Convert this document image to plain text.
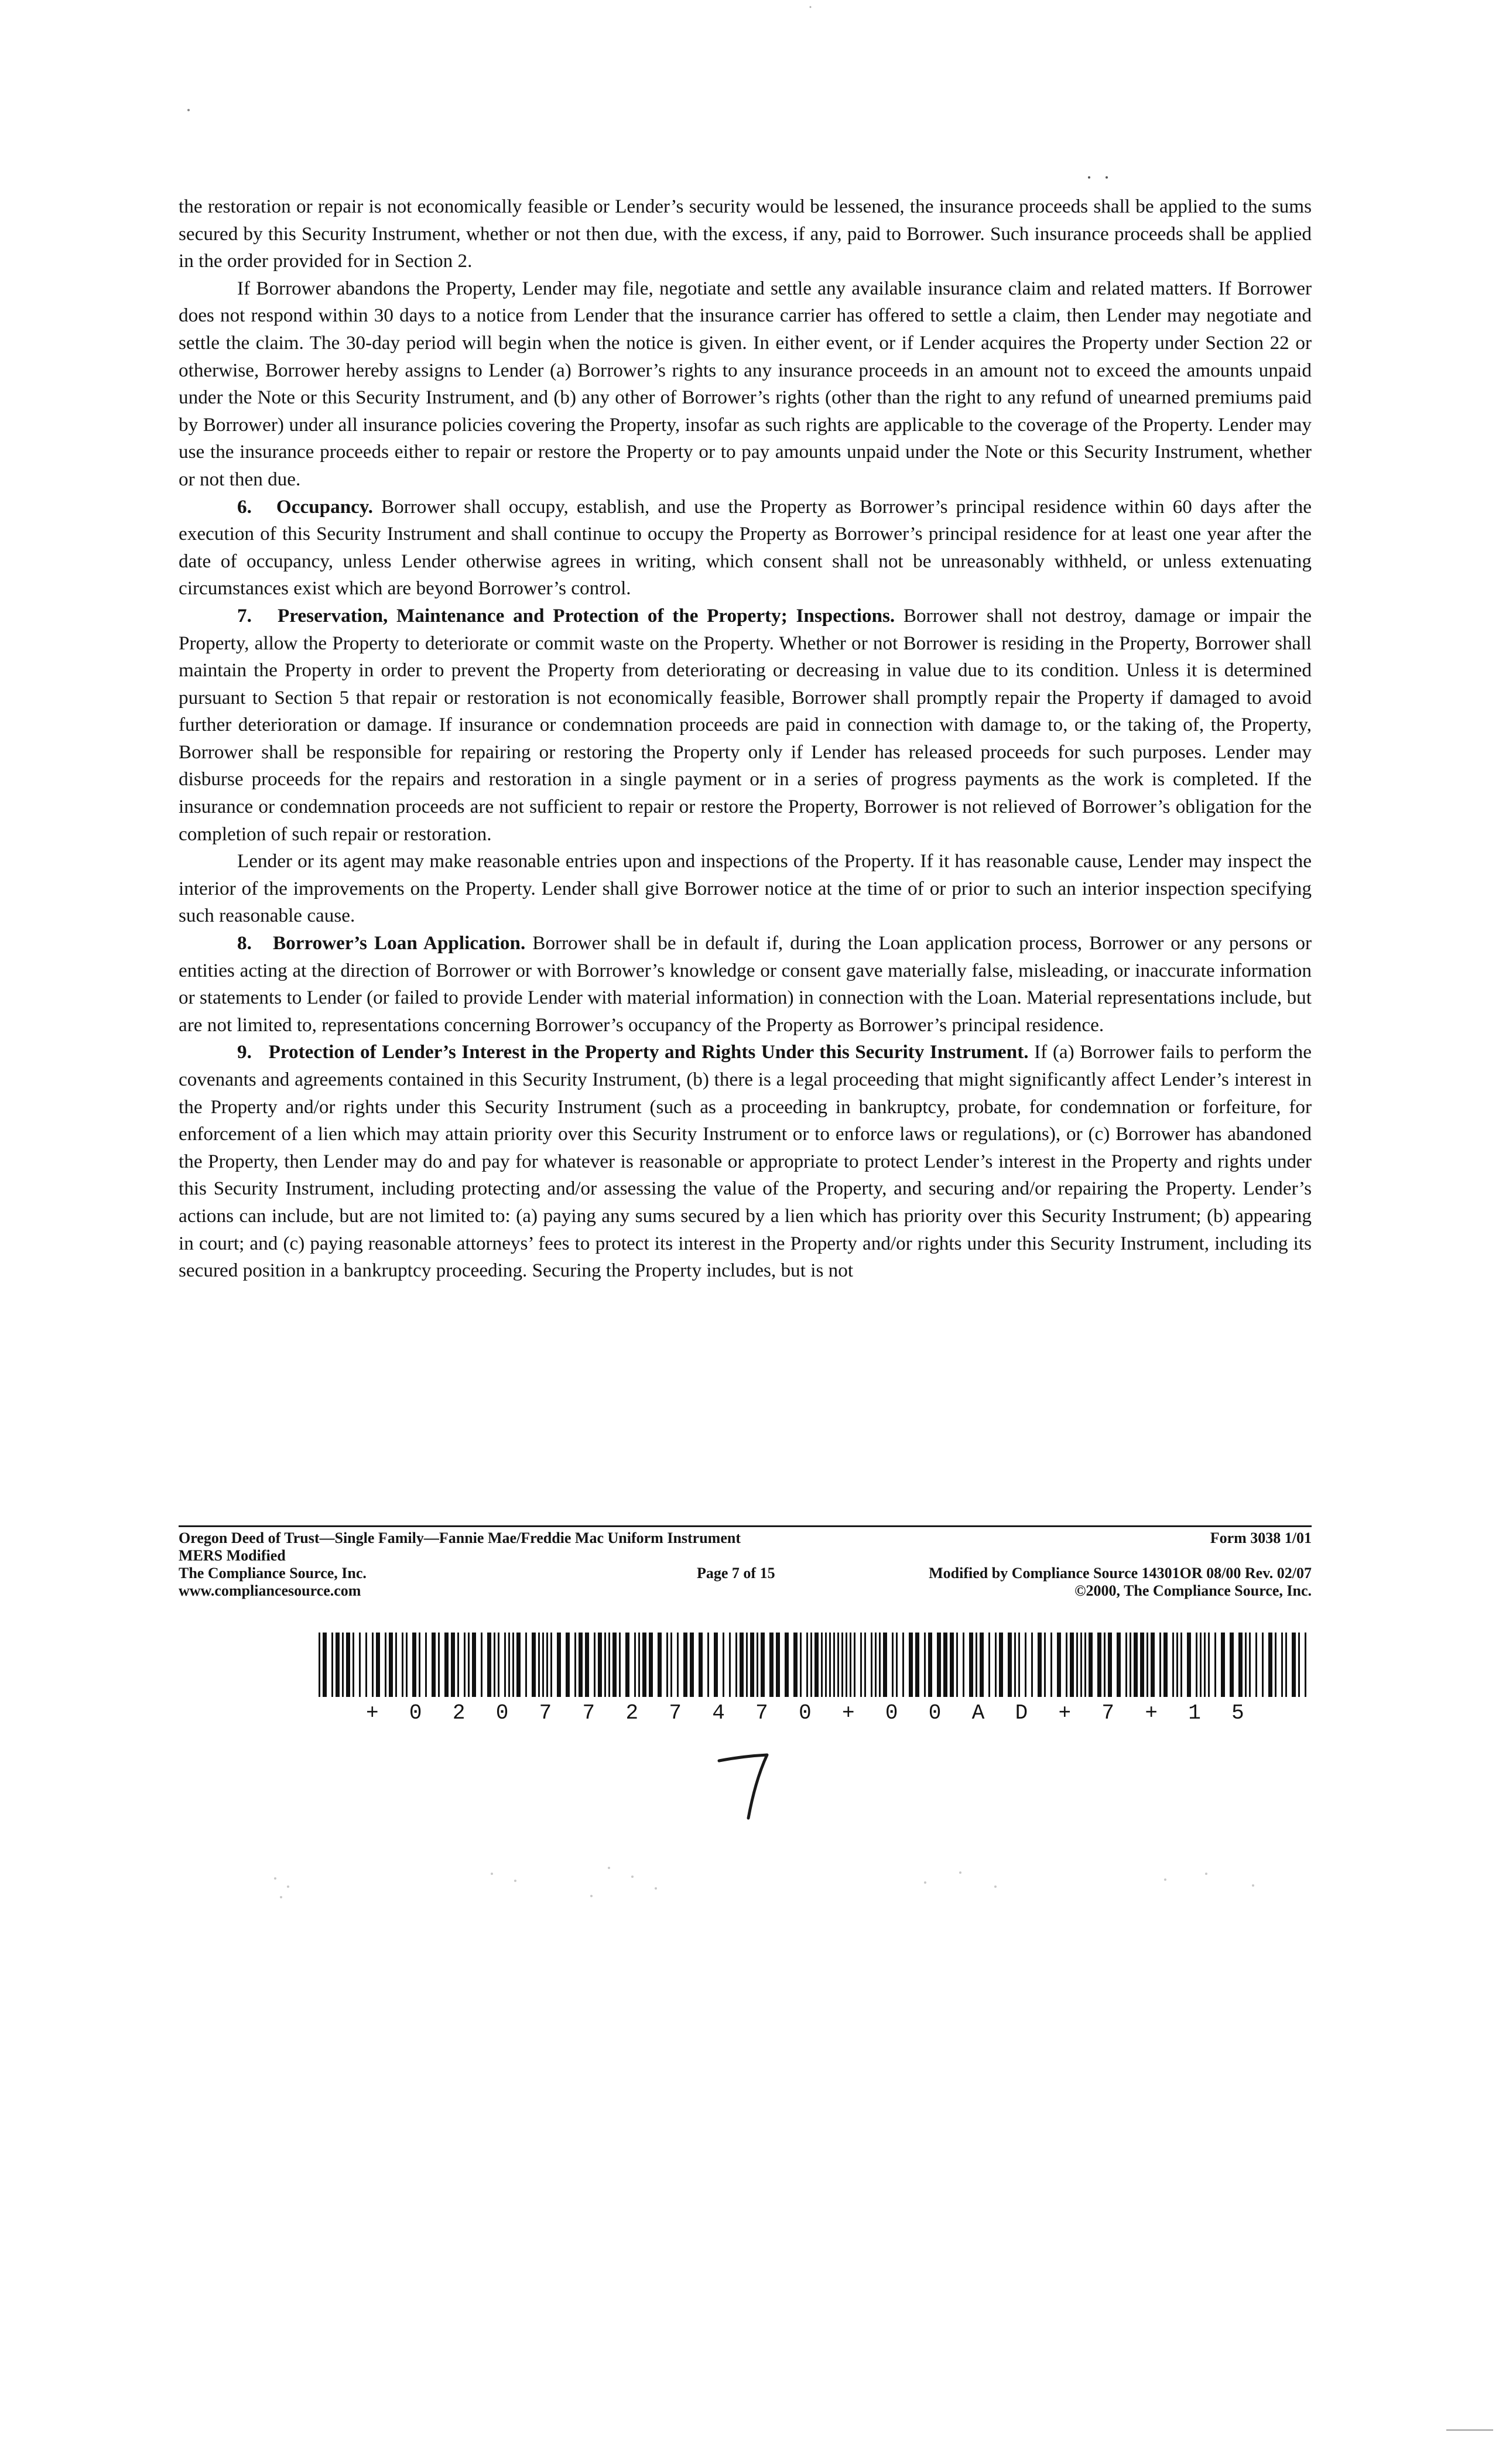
the restoration or repair is not economically feasible or Lender’s security would be lessened, the insurance proceeds shall be applied to the sums secured by this Security Instrument, whether or not then due, with the excess, if any, paid to Borrower. Such insurance proceeds shall be applied in the order provided for in Section 2.

If Borrower abandons the Property, Lender may file, negotiate and settle any available insurance claim and related matters. If Borrower does not respond within 30 days to a notice from Lender that the insurance carrier has offered to settle a claim, then Lender may negotiate and settle the claim. The 30-day period will begin when the notice is given. In either event, or if Lender acquires the Property under Section 22 or otherwise, Borrower hereby assigns to Lender (a) Borrower’s rights to any insurance proceeds in an amount not to exceed the amounts unpaid under the Note or this Security Instrument, and (b) any other of Borrower’s rights (other than the right to any refund of unearned premiums paid by Borrower) under all insurance policies covering the Property, insofar as such rights are applicable to the coverage of the Property. Lender may use the insurance proceeds either to repair or restore the Property or to pay amounts unpaid under the Note or this Security Instrument, whether or not then due.

6. Occupancy. Borrower shall occupy, establish, and use the Property as Borrower’s principal residence within 60 days after the execution of this Security Instrument and shall continue to occupy the Property as Borrower’s principal residence for at least one year after the date of occupancy, unless Lender otherwise agrees in writing, which consent shall not be unreasonably withheld, or unless extenuating circumstances exist which are beyond Borrower’s control.

7. Preservation, Maintenance and Protection of the Property; Inspections. Borrower shall not destroy, damage or impair the Property, allow the Property to deteriorate or commit waste on the Property. Whether or not Borrower is residing in the Property, Borrower shall maintain the Property in order to prevent the Property from deteriorating or decreasing in value due to its condition. Unless it is determined pursuant to Section 5 that repair or restoration is not economically feasible, Borrower shall promptly repair the Property if damaged to avoid further deterioration or damage. If insurance or condemnation proceeds are paid in connection with damage to, or the taking of, the Property, Borrower shall be responsible for repairing or restoring the Property only if Lender has released proceeds for such purposes. Lender may disburse proceeds for the repairs and restoration in a single payment or in a series of progress payments as the work is completed. If the insurance or condemnation proceeds are not sufficient to repair or restore the Property, Borrower is not relieved of Borrower’s obligation for the completion of such repair or restoration.

Lender or its agent may make reasonable entries upon and inspections of the Property. If it has reasonable cause, Lender may inspect the interior of the improvements on the Property. Lender shall give Borrower notice at the time of or prior to such an interior inspection specifying such reasonable cause.

8. Borrower’s Loan Application. Borrower shall be in default if, during the Loan application process, Borrower or any persons or entities acting at the direction of Borrower or with Borrower’s knowledge or consent gave materially false, misleading, or inaccurate information or statements to Lender (or failed to provide Lender with material information) in connection with the Loan. Material representations include, but are not limited to, representations concerning Borrower’s occupancy of the Property as Borrower’s principal residence.

9. Protection of Lender’s Interest in the Property and Rights Under this Security Instrument. If (a) Borrower fails to perform the covenants and agreements contained in this Security Instrument, (b) there is a legal proceeding that might significantly affect Lender’s interest in the Property and/or rights under this Security Instrument (such as a proceeding in bankruptcy, probate, for condemnation or forfeiture, for enforcement of a lien which may attain priority over this Security Instrument or to enforce laws or regulations), or (c) Borrower has abandoned the Property, then Lender may do and pay for whatever is reasonable or appropriate to protect Lender’s interest in the Property and rights under this Security Instrument, including protecting and/or assessing the value of the Property, and securing and/or repairing the Property. Lender’s actions can include, but are not limited to: (a) paying any sums secured by a lien which has priority over this Security Instrument; (b) appearing in court; and (c) paying reasonable attorneys’ fees to protect its interest in the Property and/or rights under this Security Instrument, including its secured position in a bankruptcy proceeding. Securing the Property includes, but is not

Oregon Deed of Trust—Single Family—Fannie Mae/Freddie Mac Uniform Instrument	Form 3038 1/01
MERS Modified
The Compliance Source, Inc.	Page 7 of 15	Modified by Compliance Source 14301OR 08/00 Rev. 02/07
www.compliancesource.com	©2000, The Compliance Source, Inc.
+ 0 2 0 7 7 2 7 4 7 0 + 0 0 A D + 7 + 1 5
